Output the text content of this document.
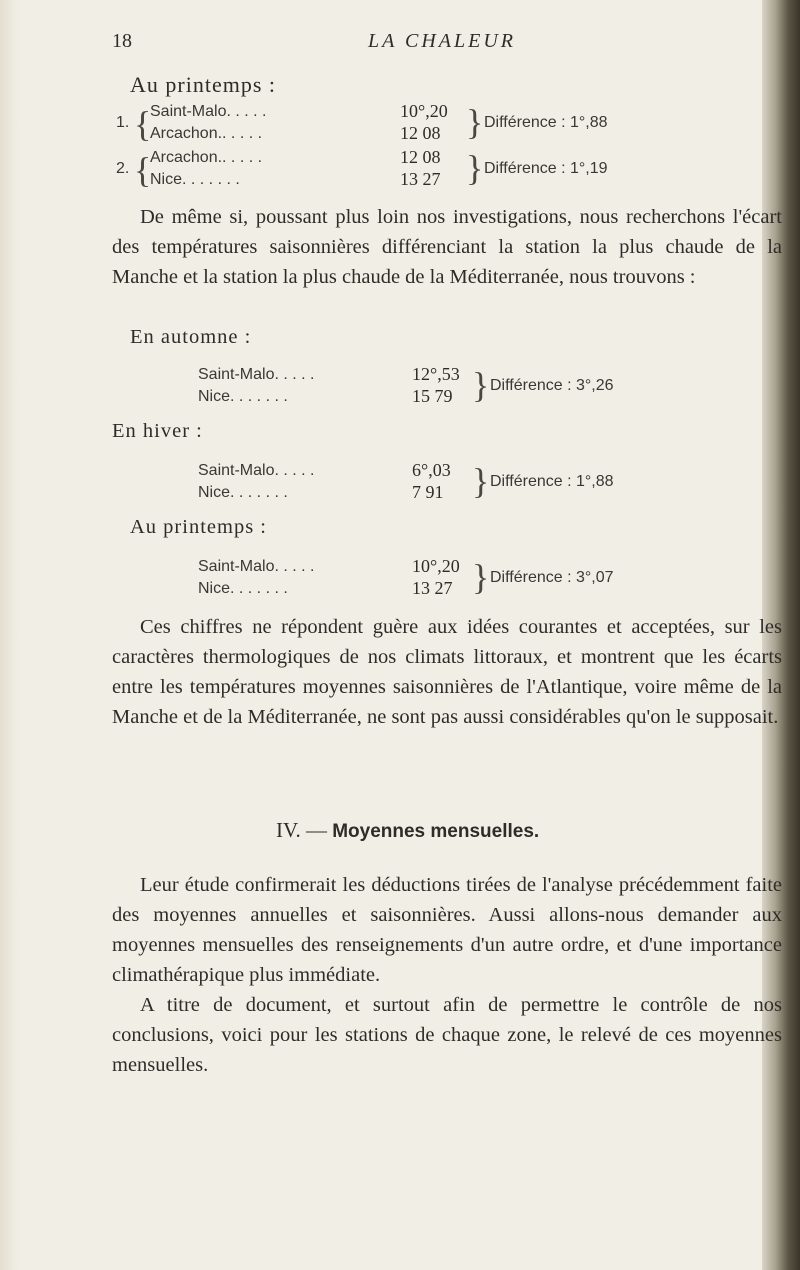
18	LA CHALEUR
Au printemps :
1. {
Saint-Malo. . . . .
Arcachon.. . . . .
10°,20
12 08 } Différence : 1°,88
2. {
Arcachon.. . . . .
Nice. . . . . . .
12 08
13 27 } Différence : 1°,19

De même si, poussant plus loin nos investigations, nous recherchons l'écart des températures saisonnières différenciant la station la plus chaude de la Manche et la station la plus chaude de la Méditerranée, nous trouvons :

En automne :
Saint-Malo. . . . .
Nice. . . . . . .
12°,53
15 79 } Différence : 3°,26
En hiver :
Saint-Malo. . . . .
Nice. . . . . . .
6°,03
7 91 } Différence : 1°,88
Au printemps :
Saint-Malo. . . . .
Nice. . . . . . .
10°,20
13 27 } Différence : 3°,07

Ces chiffres ne répondent guère aux idées courantes et acceptées, sur les caractères thermologiques de nos climats littoraux, et montrent que les écarts entre les températures moyennes saisonnières de l'Atlantique, voire même de la Manche et de la Méditerranée, ne sont pas aussi considérables qu'on le supposait.

IV. — Moyennes mensuelles.

Leur étude confirmerait les déductions tirées de l'analyse précédemment faite des moyennes annuelles et saisonnières. Aussi allons-nous demander aux moyennes mensuelles des renseignements d'un autre ordre, et d'une importance climathérapique plus immédiate.

A titre de document, et surtout afin de permettre le contrôle de nos conclusions, voici pour les stations de chaque zone, le relevé de ces moyennes mensuelles.
